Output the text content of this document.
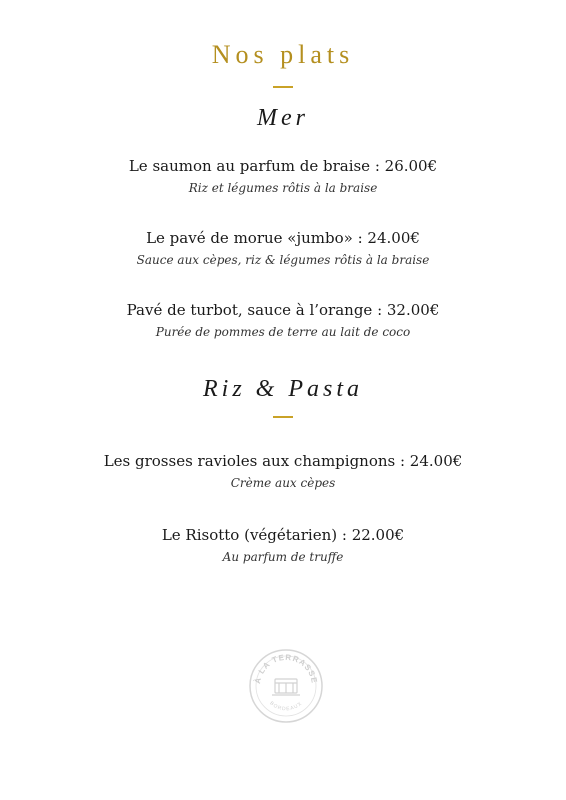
Nos plats
Mer
Le saumon au parfum de braise : 26.00€
Riz et légumes rôtis à la braise
Le pavé de morue «jumbo» : 24.00€
Sauce aux cèpes, riz & légumes rôtis à la braise
Pavé de turbot, sauce à l’orange : 32.00€
Purée de pommes de terre au lait de coco
Riz & Pasta
Les grosses ravioles aux champignons : 24.00€
Crème aux cèpes
Le Risotto (végétarien) : 22.00€
Au parfum de truffe
À LA TERRASSE
BORDEAUX
